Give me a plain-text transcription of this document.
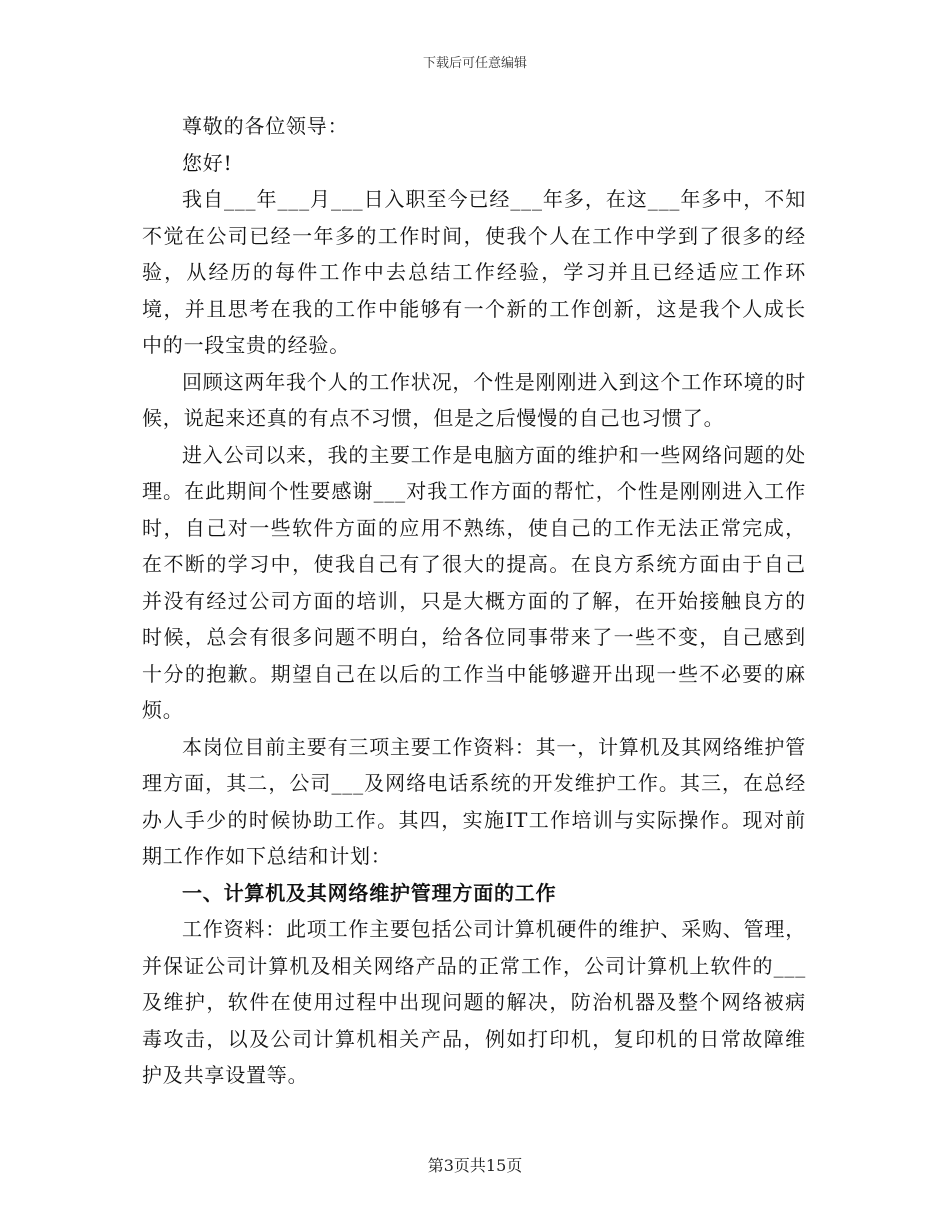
下载后可任意编辑

尊敬的各位领导：

您好!

我自___年___月___日入职至今已经___年多，在这___年多中，不知不觉在公司已经一年多的工作时间，使我个人在工作中学到了很多的经验，从经历的每件工作中去总结工作经验，学习并且已经适应工作环境，并且思考在我的工作中能够有一个新的工作创新，这是我个人成长中的一段宝贵的经验。

回顾这两年我个人的工作状况，个性是刚刚进入到这个工作环境的时候，说起来还真的有点不习惯，但是之后慢慢的自己也习惯了。

进入公司以来，我的主要工作是电脑方面的维护和一些网络问题的处理。在此期间个性要感谢___对我工作方面的帮忙，个性是刚刚进入工作时，自己对一些软件方面的应用不熟练，使自己的工作无法正常完成，在不断的学习中，使我自己有了很大的提高。在良方系统方面由于自己并没有经过公司方面的培训，只是大概方面的了解，在开始接触良方的时候，总会有很多问题不明白，给各位同事带来了一些不变，自己感到十分的抱歉。期望自己在以后的工作当中能够避开出现一些不必要的麻烦。

本岗位目前主要有三项主要工作资料：其一，计算机及其网络维护管理方面，其二，公司___及网络电话系统的开发维护工作。其三，在总经办人手少的时候协助工作。其四，实施IT工作培训与实际操作。现对前期工作作如下总结和计划：

一、计算机及其网络维护管理方面的工作

工作资料：此项工作主要包括公司计算机硬件的维护、采购、管理，并保证公司计算机及相关网络产品的正常工作，公司计算机上软件的___及维护，软件在使用过程中出现问题的解决，防治机器及整个网络被病毒攻击，以及公司计算机相关产品，例如打印机，复印机的日常故障维护及共享设置等。

第3页共15页
